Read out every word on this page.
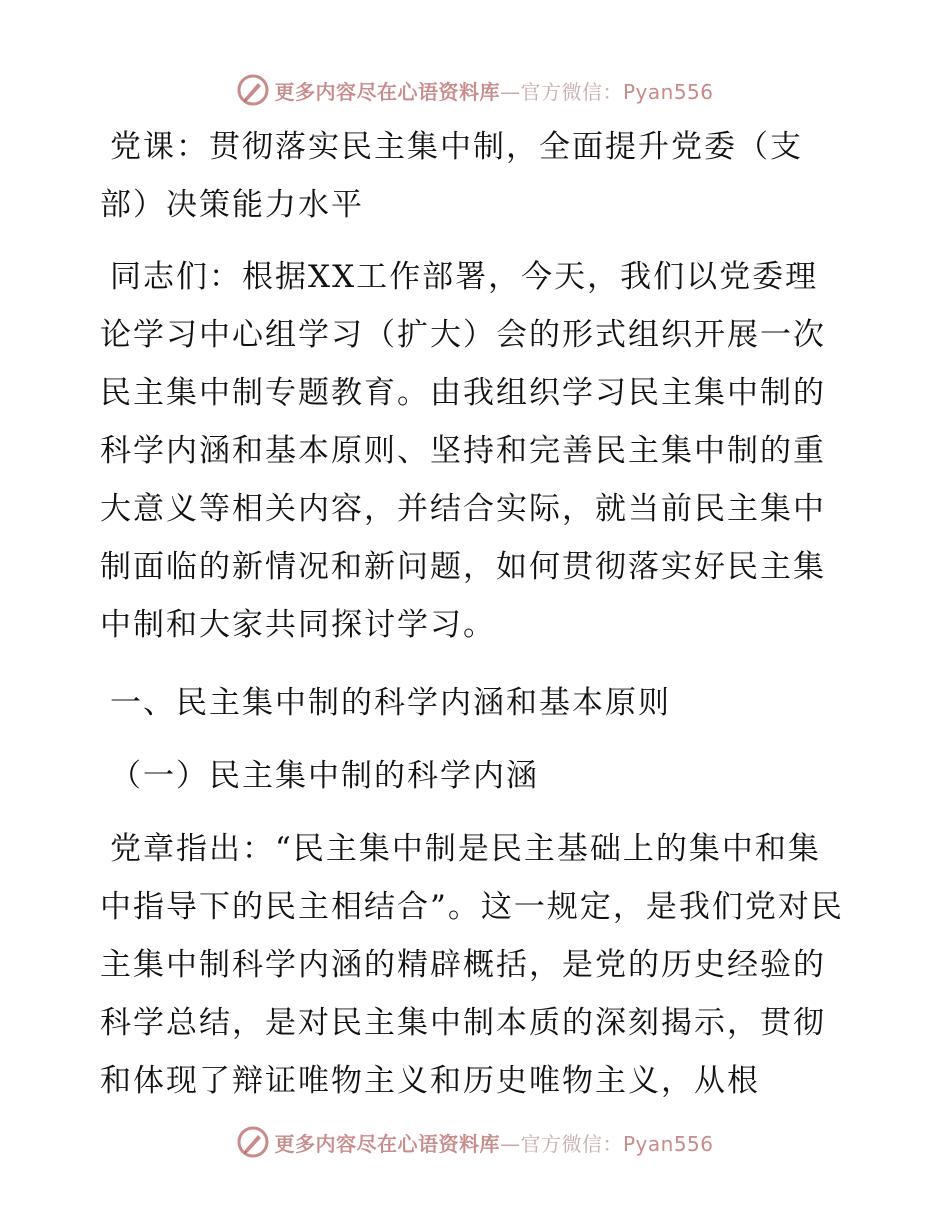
更多内容尽在心语资料库—官方微信：Pyan556

党课：贯彻落实民主集中制，全面提升党委（支部）决策能力水平

同志们：根据XX工作部署，今天，我们以党委理论学习中心组学习（扩大）会的形式组织开展一次民主集中制专题教育。由我组织学习民主集中制的科学内涵和基本原则、坚持和完善民主集中制的重大意义等相关内容，并结合实际，就当前民主集中制面临的新情况和新问题，如何贯彻落实好民主集中制和大家共同探讨学习。

一、民主集中制的科学内涵和基本原则

（一）民主集中制的科学内涵

党章指出：“民主集中制是民主基础上的集中和集中指导下的民主相结合”。这一规定，是我们党对民主集中制科学内涵的精辟概括，是党的历史经验的科学总结，是对民主集中制本质的深刻揭示，贯彻和体现了辩证唯物主义和历史唯物主义，从根

更多内容尽在心语资料库—官方微信：Pyan556
